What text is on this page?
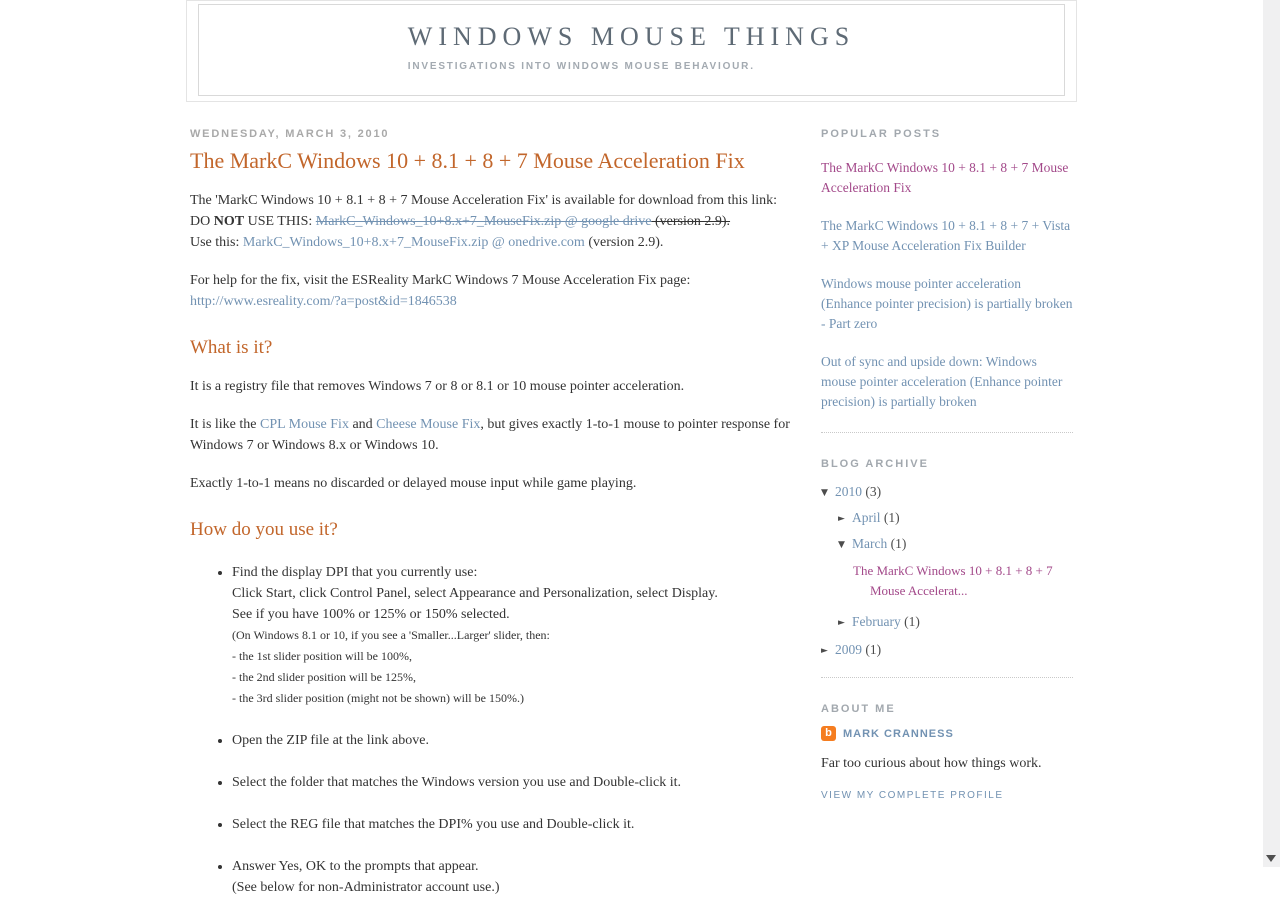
WINDOWS MOUSE THINGS
INVESTIGATIONS INTO WINDOWS MOUSE BEHAVIOUR.
WEDNESDAY, MARCH 3, 2010
The MarkC Windows 10 + 8.1 + 8 + 7 Mouse Acceleration Fix

The 'MarkC Windows 10 + 8.1 + 8 + 7 Mouse Acceleration Fix' is available for download from this link:
DO NOT USE THIS: MarkC_Windows_10+8.x+7_MouseFix.zip @ google drive (version 2.9).
Use this: MarkC_Windows_10+8.x+7_MouseFix.zip @ onedrive.com (version 2.9).

For help for the fix, visit the ESReality MarkC Windows 7 Mouse Acceleration Fix page:
http://www.esreality.com/?a=post&id=1846538

What is it?

It is a registry file that removes Windows 7 or 8 or 8.1 or 10 mouse pointer acceleration.

It is like the CPL Mouse Fix and Cheese Mouse Fix, but gives exactly 1-to-1 mouse to pointer response for Windows 7 or Windows 8.x or Windows 10.

Exactly 1-to-1 means no discarded or delayed mouse input while game playing.

How do you use it?
• Find the display DPI that you currently use:
Click Start, click Control Panel, select Appearance and Personalization, select Display.
See if you have 100% or 125% or 150% selected.
(On Windows 8.1 or 10, if you see a 'Smaller...Larger' slider, then:
- the 1st slider position will be 100%,
- the 2nd slider position will be 125%,
- the 3rd slider position (might not be shown) will be 150%.)
• Open the ZIP file at the link above.
• Select the folder that matches the Windows version you use and Double-click it.
• Select the REG file that matches the DPI% you use and Double-click it.
• Answer Yes, OK to the prompts that appear.
(See below for non-Administrator account use.)
POPULAR POSTS
The MarkC Windows 10 + 8.1 + 8 + 7 Mouse Acceleration Fix
The MarkC Windows 10 + 8.1 + 8 + 7 + Vista + XP Mouse Acceleration Fix Builder
Windows mouse pointer acceleration (Enhance pointer precision) is partially broken - Part zero
Out of sync and upside down: Windows mouse pointer acceleration (Enhance pointer precision) is partially broken
BLOG ARCHIVE
▼ 2010 (3)
► April (1)
▼ March (1)
The MarkC Windows 10 + 8.1 + 8 + 7 Mouse Accelerat...
► February (1)
► 2009 (1)
ABOUT ME
b	MARK CRANNESS

Far too curious about how things work.

VIEW MY COMPLETE PROFILE
